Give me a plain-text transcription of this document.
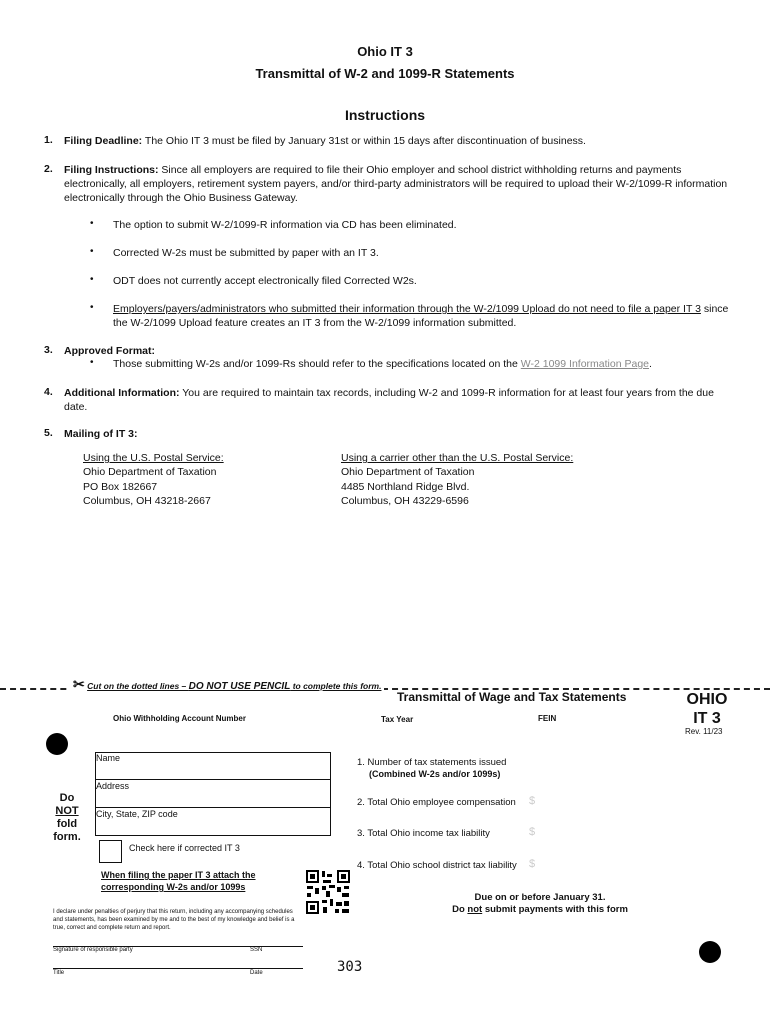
Ohio IT 3
Transmittal of W-2 and 1099-R Statements
Instructions
1. Filing Deadline: The Ohio IT 3 must be filed by January 31st or within 15 days after discontinuation of business.
2. Filing Instructions: Since all employers are required to file their Ohio employer and school district withholding returns and payments electronically, all employers, retirement system payers, and/or third-party administrators will be required to upload their W-2/1099-R information electronically through the Ohio Business Gateway.
• The option to submit W-2/1099-R information via CD has been eliminated.
• Corrected W-2s must be submitted by paper with an IT 3.
• ODT does not currently accept electronically filed Corrected W2s.
• Employers/payers/administrators who submitted their information through the W-2/1099 Upload do not need to file a paper IT 3 since the W-2/1099 Upload feature creates an IT 3 from the W-2/1099 information submitted.
3. Approved Format:
• Those submitting W-2s and/or 1099-Rs should refer to the specifications located on the W-2 1099 Information Page.
4. Additional Information: You are required to maintain tax records, including W-2 and 1099-R information for at least four years from the due date.
5. Mailing of IT 3:
Using the U.S. Postal Service:
Ohio Department of Taxation
PO Box 182667
Columbus, OH 43218-2667
Using a carrier other than the U.S. Postal Service:
Ohio Department of Taxation
4485 Northland Ridge Blvd.
Columbus, OH 43229-6596
✂ Cut on the dotted lines – DO NOT USE PENCIL to complete this form.
Transmittal of Wage and Tax Statements	OHIO
IT 3
Rev. 11/23
Ohio Withholding Account Number	Tax Year	FEIN
Name
Address
City, State, ZIP code
Do
NOT
fold
form.
Check here if corrected IT 3
When filing the paper IT 3 attach the
corresponding W-2s and/or 1099s
1. Number of tax statements issued
(Combined W-2s and/or 1099s)
2. Total Ohio employee compensation $
3. Total Ohio income tax liability	$
4. Total Ohio school district tax liability $
Due on or before January 31.
Do not submit payments with this form
I declare under penalties of perjury that this return, including any accompanying schedules and statements, has been examined by me and to the best of my knowledge and belief is a true, correct and complete return and report.
Signature of responsible party	SSN
Title	Date	303
